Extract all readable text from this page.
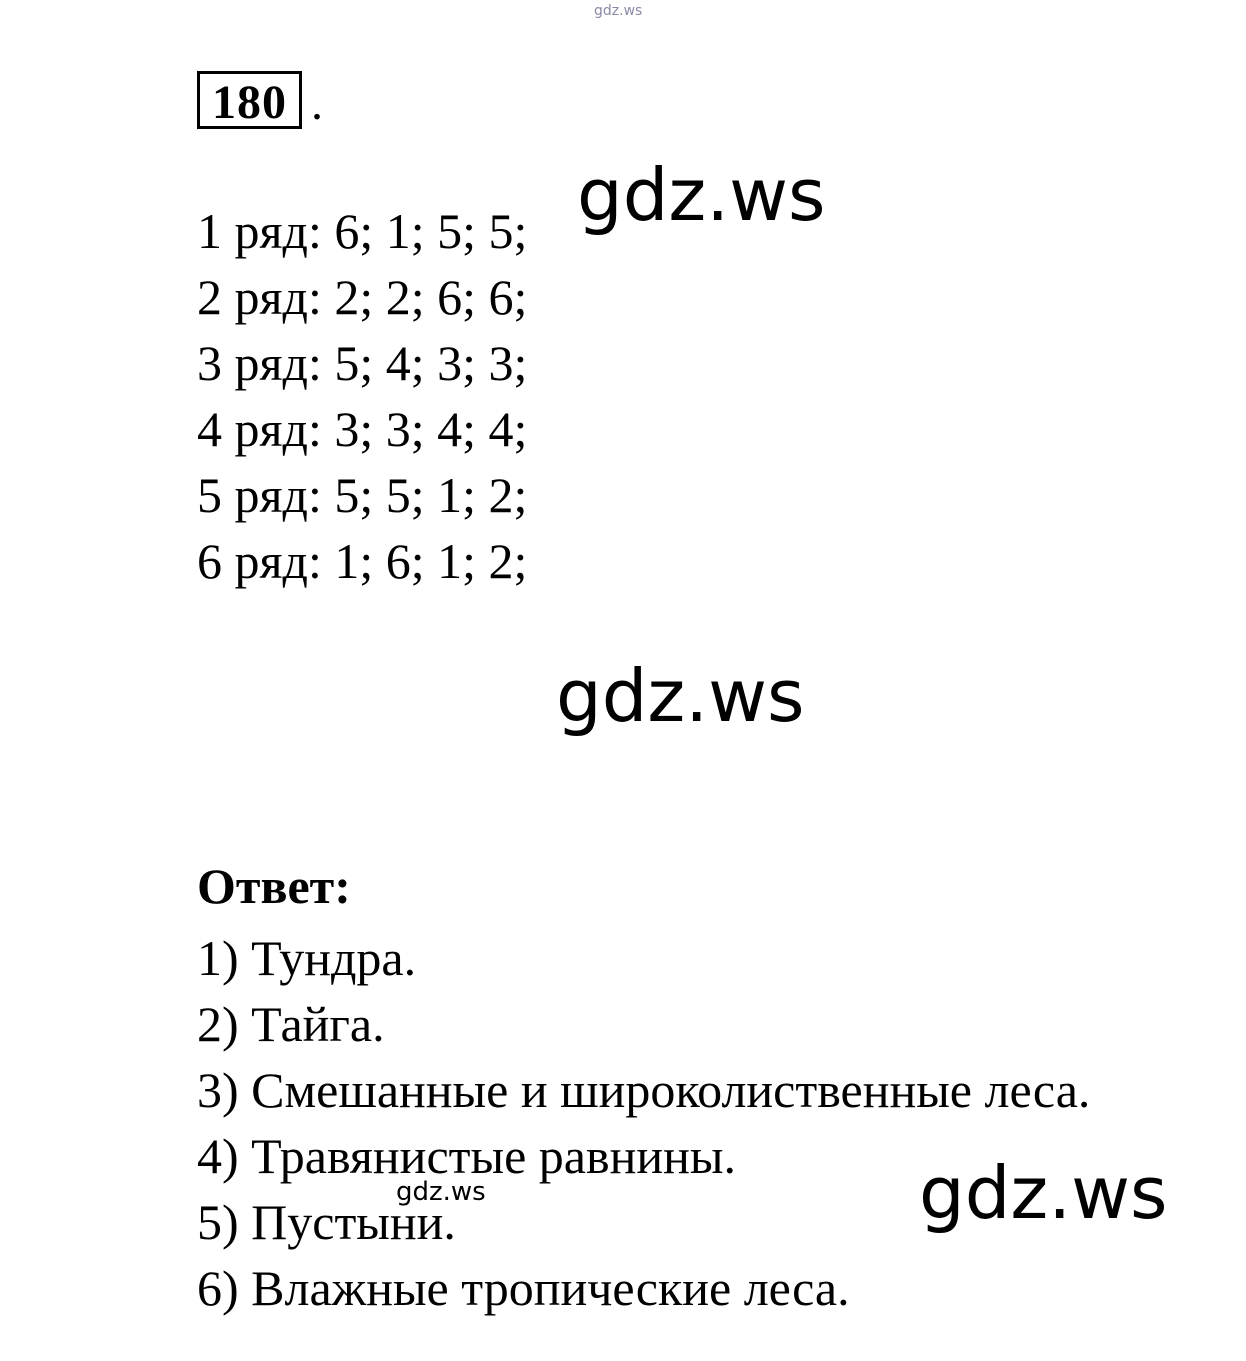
gdz.ws
180 .
1 ряд: 6; 1; 5; 5;
2 ряд: 2; 2; 6; 6;
3 ряд: 5; 4; 3; 3;
4 ряд: 3; 3; 4; 4;
5 ряд: 5; 5; 1; 2;
6 ряд: 1; 6; 1; 2;
gdz.ws
gdz.ws
Ответ:
1) Тундра.
2) Тайга.
3) Смешанные и широколиственные леса.
4) Травянистые равнины.
5) Пустыни.
6) Влажные тропические леса.
gdz.ws	gdz.ws
